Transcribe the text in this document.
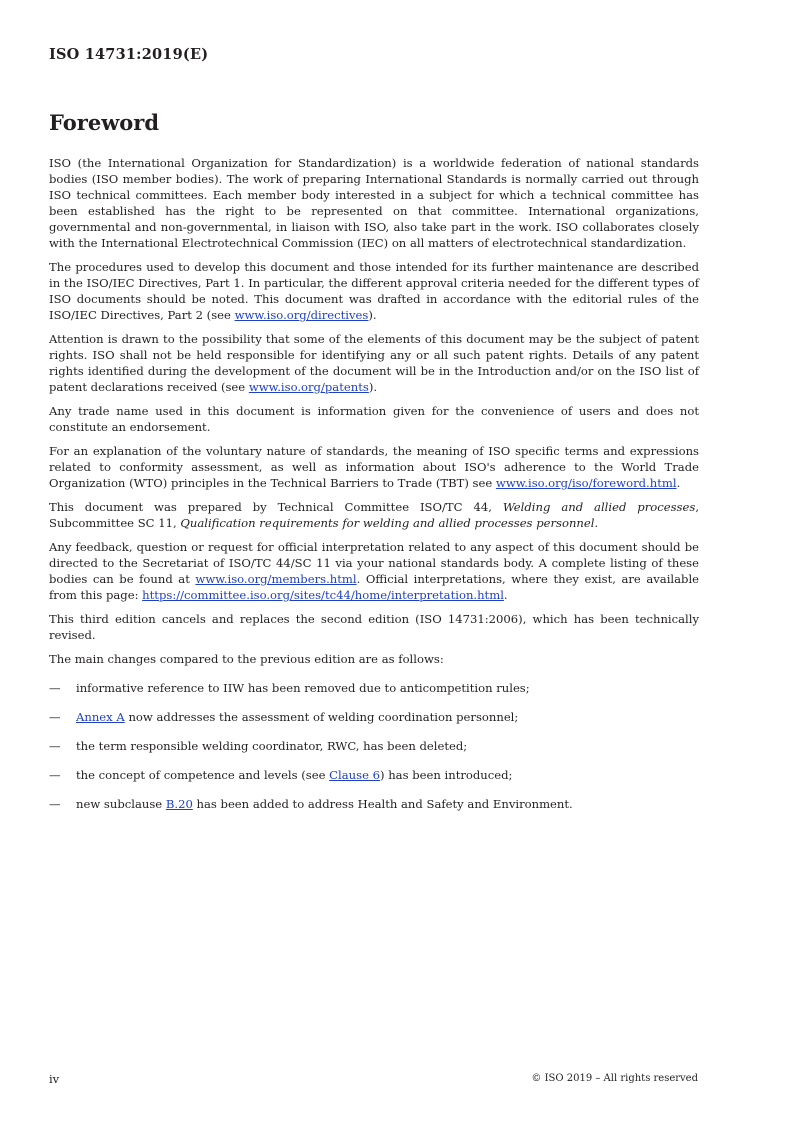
ISO 14731:2019(E)
Foreword

ISO (the International Organization for Standardization) is a worldwide federation of national standards bodies (ISO member bodies). The work of preparing International Standards is normally carried out through ISO technical committees. Each member body interested in a subject for which a technical committee has been established has the right to be represented on that committee. International organizations, governmental and non-governmental, in liaison with ISO, also take part in the work. ISO collaborates closely with the International Electrotechnical Commission (IEC) on all matters of electrotechnical standardization.

The procedures used to develop this document and those intended for its further maintenance are described in the ISO/IEC Directives, Part 1. In particular, the different approval criteria needed for the different types of ISO documents should be noted. This document was drafted in accordance with the editorial rules of the ISO/IEC Directives, Part 2 (see www.iso.org/directives).

Attention is drawn to the possibility that some of the elements of this document may be the subject of patent rights. ISO shall not be held responsible for identifying any or all such patent rights. Details of any patent rights identified during the development of the document will be in the Introduction and/or on the ISO list of patent declarations received (see www.iso.org/patents).

Any trade name used in this document is information given for the convenience of users and does not constitute an endorsement.

For an explanation of the voluntary nature of standards, the meaning of ISO specific terms and expressions related to conformity assessment, as well as information about ISO's adherence to the World Trade Organization (WTO) principles in the Technical Barriers to Trade (TBT) see www.iso.org/iso/foreword.html.

This document was prepared by Technical Committee ISO/TC 44, Welding and allied processes, Subcommittee SC 11, Qualification requirements for welding and allied processes personnel.

Any feedback, question or request for official interpretation related to any aspect of this document should be directed to the Secretariat of ISO/TC 44/SC 11 via your national standards body. A complete listing of these bodies can be found at www.iso.org/members.html. Official interpretations, where they exist, are available from this page: https://committee.iso.org/sites/tc44/home/interpretation.html.

This third edition cancels and replaces the second edition (ISO 14731:2006), which has been technically revised.

The main changes compared to the previous edition are as follows:

— informative reference to IIW has been removed due to anticompetition rules;
— Annex A now addresses the assessment of welding coordination personnel;
— the term responsible welding coordinator, RWC, has been deleted;
— the concept of competence and levels (see Clause 6) has been introduced;
— new subclause B.20 has been added to address Health and Safety and Environment.
iv	© ISO 2019 – All rights reserved
